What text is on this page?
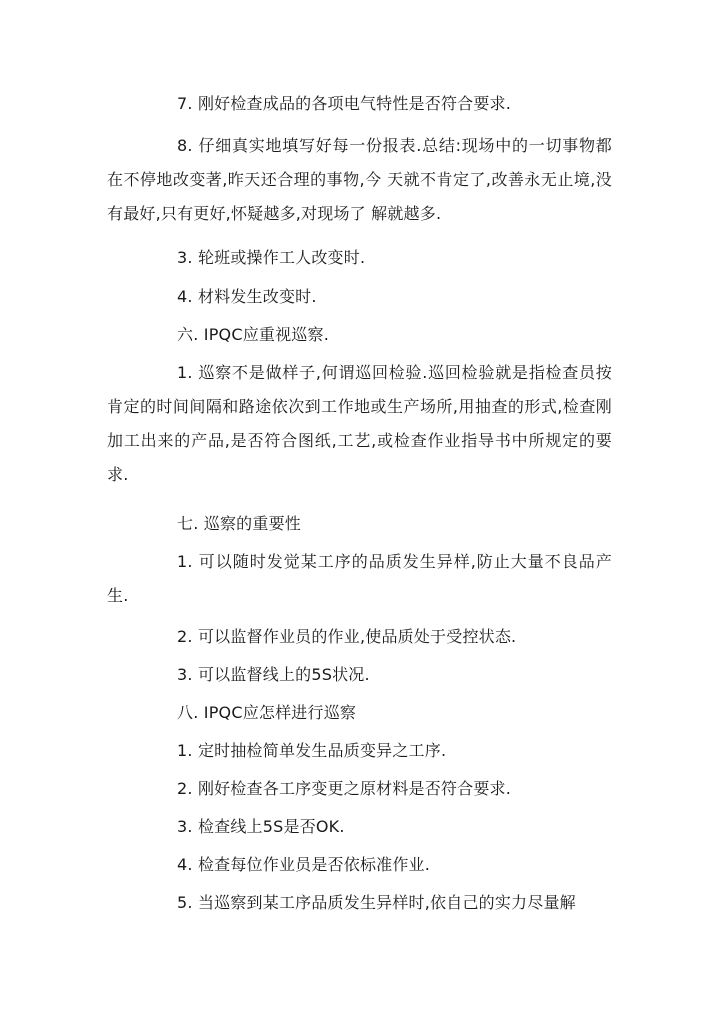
7. 刚好检查成品的各项电气特性是否符合要求.

8. 仔细真实地填写好每一份报表.总结:现场中的一切事物都在不停地改变著,昨天还合理的事物,今 天就不肯定了,改善永无止境,没有最好,只有更好,怀疑越多,对现场了 解就越多.

3. 轮班或操作工人改变时.

4. 材料发生改变时.

六. IPQC应重视巡察.

1. 巡察不是做样子,何谓巡回检验.巡回检验就是指检查员按肯定的时间间隔和路途依次到工作地或生产场所,用抽查的形式,检查刚加工出来的产品,是否符合图纸,工艺,或检查作业指导书中所规定的要求.

七. 巡察的重要性

1. 可以随时发觉某工序的品质发生异样,防止大量不良品产生.

2. 可以监督作业员的作业,使品质处于受控状态.

3. 可以监督线上的5S状况.

八. IPQC应怎样进行巡察

1. 定时抽检简单发生品质变异之工序.

2. 刚好检查各工序变更之原材料是否符合要求.

3. 检查线上5S是否OK.

4. 检查每位作业员是否依标准作业.

5. 当巡察到某工序品质发生异样时,依自己的实力尽量解
